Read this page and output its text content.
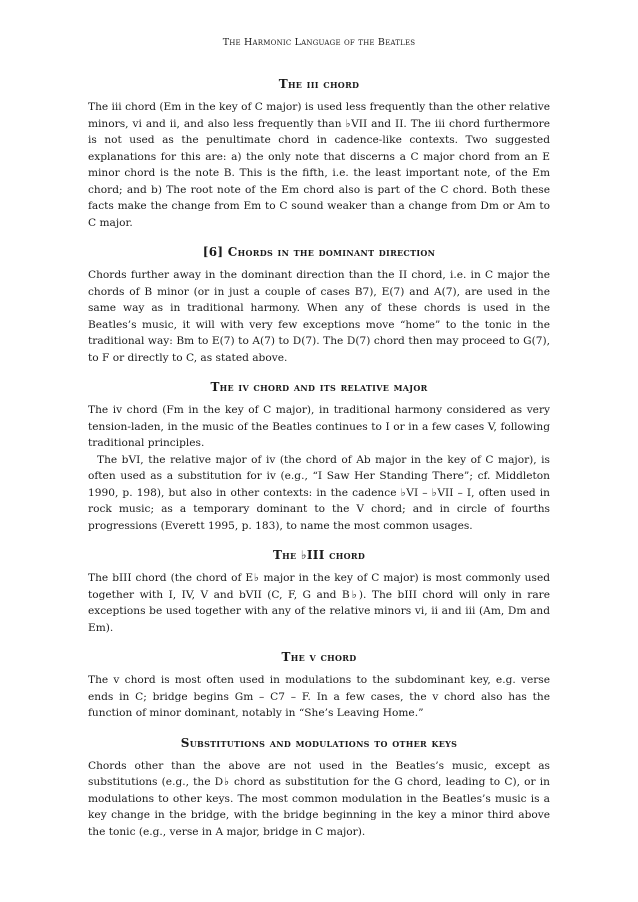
The Harmonic Language of the Beatles
The iii chord

The iii chord (Em in the key of C major) is used less frequently than the other relative minors, vi and ii, and also less frequently than ♭VII and II. The iii chord furthermore is not used as the penultimate chord in cadence-like contexts. Two suggested explanations for this are: a) the only note that discerns a C major chord from an E minor chord is the note B. This is the fifth, i.e. the least important note, of the Em chord; and b) The root note of the Em chord also is part of the C chord. Both these facts make the change from Em to C sound weaker than a change from Dm or Am to C major.

[6] Chords in the dominant direction

Chords further away in the dominant direction than the II chord, i.e. in C major the chords of B minor (or in just a couple of cases B7), E(7) and A(7), are used in the same way as in traditional harmony. When any of these chords is used in the Beatles’s music, it will with very few exceptions move “home” to the tonic in the traditional way: Bm to E(7) to A(7) to D(7). The D(7) chord then may proceed to G(7), to F or directly to C, as stated above.

The iv chord and its relative major

The iv chord (Fm in the key of C major), in traditional harmony considered as very tension-laden, in the music of the Beatles continues to I or in a few cases V, following traditional principles.

The bVI, the relative major of iv (the chord of Ab major in the key of C major), is often used as a substitution for iv (e.g., “I Saw Her Standing There”; cf. Middleton 1990, p. 198), but also in other contexts: in the cadence ♭VI – ♭VII – I, often used in rock music; as a temporary dominant to the V chord; and in circle of fourths progressions (Everett 1995, p. 183), to name the most common usages.

The ♭III chord

The bIII chord (the chord of E♭ major in the key of C major) is most commonly used together with I, IV, V and bVII (C, F, G and B♭). The bIII chord will only in rare exceptions be used together with any of the relative minors vi, ii and iii (Am, Dm and Em).

The v chord

The v chord is most often used in modulations to the subdominant key, e.g. verse ends in C; bridge begins Gm – C7 – F. In a few cases, the v chord also has the function of minor dominant, notably in “She’s Leaving Home.”

Substitutions and modulations to other keys

Chords other than the above are not used in the Beatles’s music, except as substitutions (e.g., the D♭ chord as substitution for the G chord, leading to C), or in modulations to other keys. The most common modulation in the Beatles’s music is a key change in the bridge, with the bridge beginning in the key a minor third above the tonic (e.g., verse in A major, bridge in C major).
